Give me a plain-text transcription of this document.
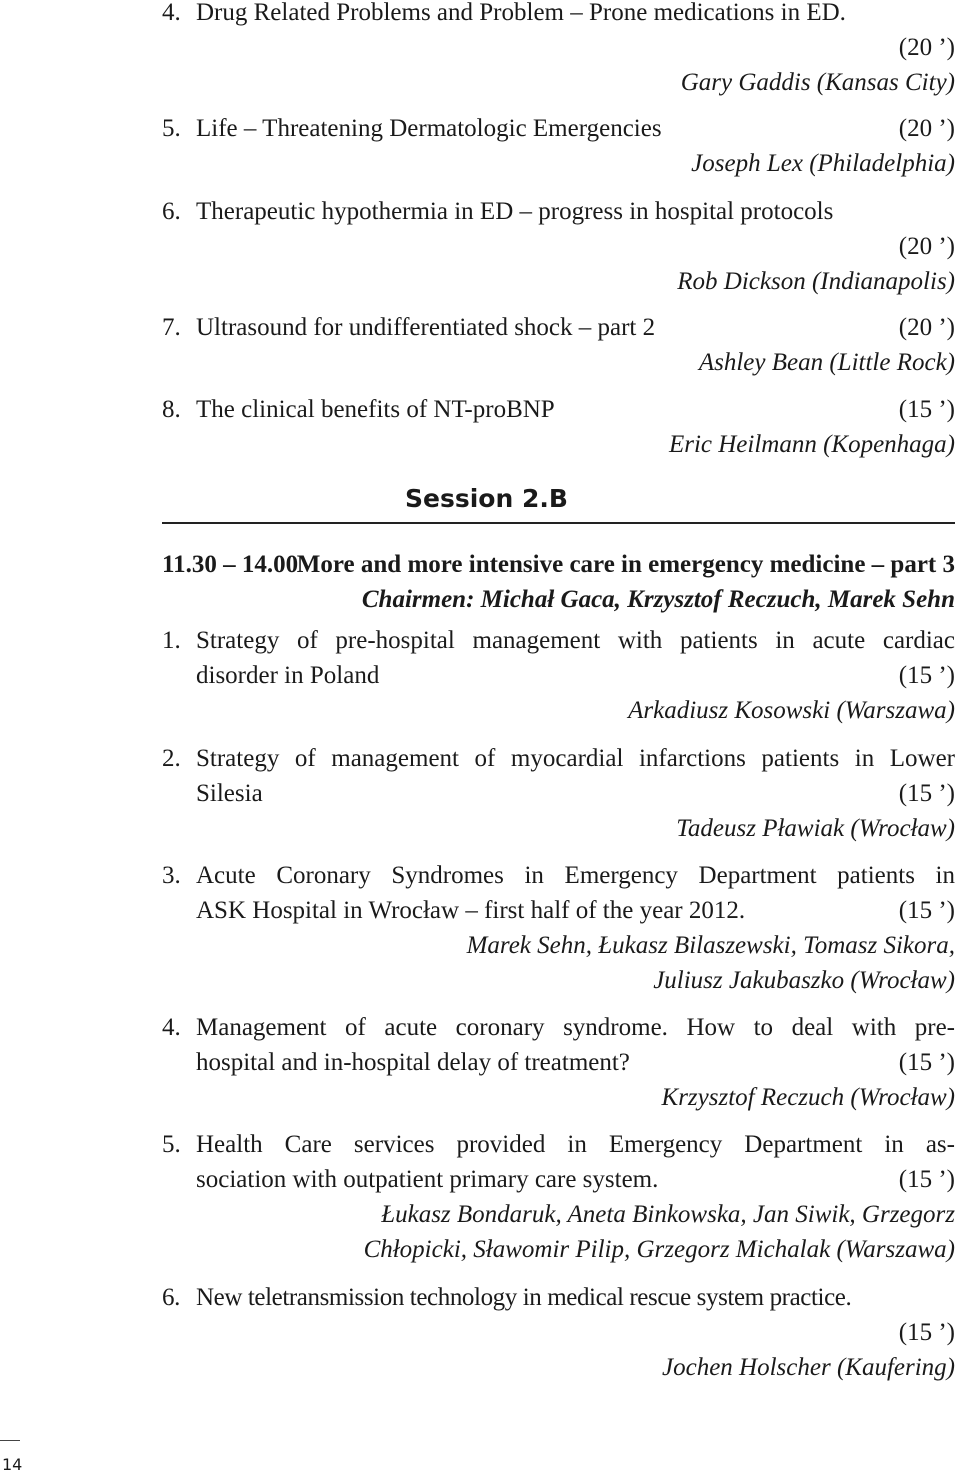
4. Drug Related Problems and Problem – Prone medications in ED.
(20 ’)
Gary Gaddis (Kansas City)
5. Life – Threatening Dermatologic Emergencies	(20 ’)
Joseph Lex (Philadelphia)
6. Therapeutic hypothermia in ED – progress in hospital protocols
(20 ’)
Rob Dickson (Indianapolis)
7. Ultrasound for undifferentiated shock – part 2	(20 ’)
Ashley Bean (Little Rock)
8. The clinical benefits of NT-proBNP	(15 ’)
Eric Heilmann (Kopenhaga)
Session 2.B
11.30 – 14.00
More and more intensive care in emergency medicine – part 3
Chairmen: Michał Gaca, Krzysztof Reczuch, Marek Sehn
1. Strategy of pre-hospital management with patients in acute cardiac
disorder in Poland	(15 ’)
Arkadiusz Kosowski (Warszawa)
2. Strategy of management of myocardial infarctions patients in Lower
Silesia	(15 ’)
Tadeusz Pławiak (Wrocław)
3. Acute Coronary Syndromes in Emergency Department patients in
ASK Hospital in Wrocław – first half of the year 2012.	(15 ’)
Marek Sehn, Łukasz Bilaszewski, Tomasz Sikora,
Juliusz Jakubaszko (Wrocław)
4. Management of acute coronary syndrome. How to deal with pre-
hospital and in-hospital delay of treatment?	(15 ’)
Krzysztof Reczuch (Wrocław)
5. Health Care services provided in Emergency Department in as-
sociation with outpatient primary care system.	(15 ’)
Łukasz Bondaruk, Aneta Binkowska, Jan Siwik, Grzegorz
Chłopicki, Sławomir Pilip, Grzegorz Michalak (Warszawa)
6. New teletransmission technology in medical rescue system practice.
(15 ’)
Jochen Holscher (Kaufering)
14
